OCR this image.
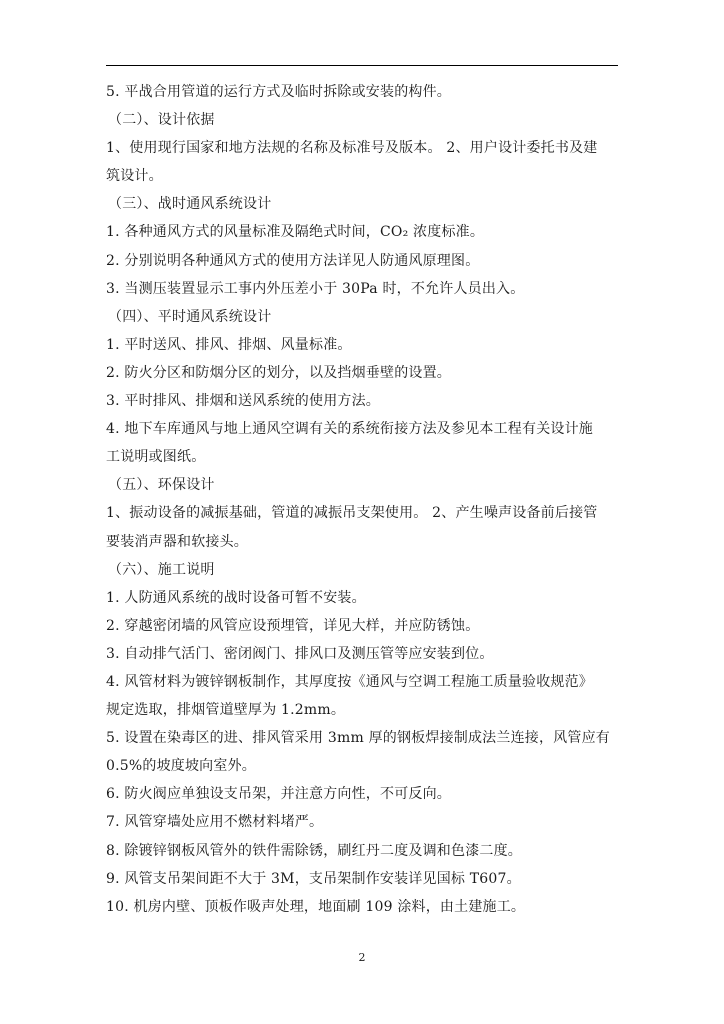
5. 平战合用管道的运行方式及临时拆除或安装的构件。
（二）、设计依据
1、使用现行国家和地方法规的名称及标准号及版本。 2、用户设计委托书及建
筑设计。
（三）、战时通风系统设计
1. 各种通风方式的风量标准及隔绝式时间，CO₂ 浓度标准。
2. 分别说明各种通风方式的使用方法详见人防通风原理图。
3. 当测压装置显示工事内外压差小于 30Pa 时，不允许人员出入。
（四）、平时通风系统设计
1. 平时送风、排风、排烟、风量标准。
2. 防火分区和防烟分区的划分，以及挡烟垂壁的设置。
3. 平时排风、排烟和送风系统的使用方法。
4. 地下车库通风与地上通风空调有关的系统衔接方法及参见本工程有关设计施
工说明或图纸。
（五）、环保设计
1、振动设备的减振基础，管道的减振吊支架使用。 2、产生噪声设备前后接管
要装消声器和软接头。
（六）、施工说明
1. 人防通风系统的战时设备可暂不安装。
2. 穿越密闭墙的风管应设预埋管，详见大样，并应防锈蚀。
3. 自动排气活门、密闭阀门、排风口及测压管等应安装到位。
4. 风管材料为镀锌钢板制作，其厚度按《通风与空调工程施工质量验收规范》
规定选取，排烟管道壁厚为 1.2mm。
5. 设置在染毒区的进、排风管采用 3mm 厚的钢板焊接制成法兰连接，风管应有
0.5%的坡度坡向室外。
6. 防火阀应单独设支吊架，并注意方向性，不可反向。
7. 风管穿墙处应用不燃材料堵严。
8. 除镀锌钢板风管外的铁件需除锈，刷红丹二度及调和色漆二度。
9. 风管支吊架间距不大于 3M，支吊架制作安装详见国标 T607。
10. 机房内壁、顶板作吸声处理，地面刷 109 涂料，由土建施工。
2
